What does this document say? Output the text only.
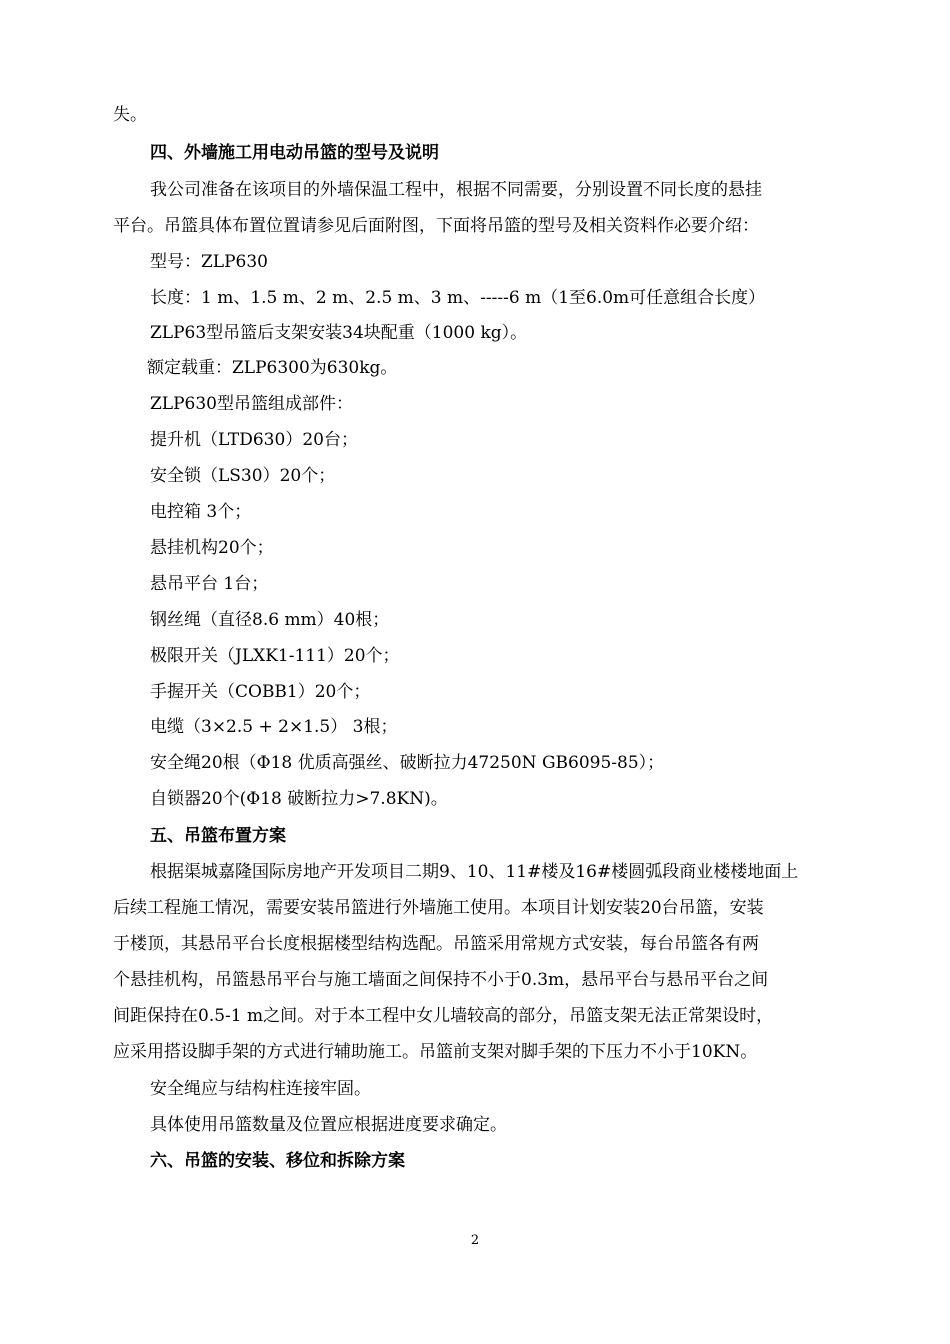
失。
四、外墙施工用电动吊篮的型号及说明
我公司准备在该项目的外墙保温工程中，根据不同需要，分别设置不同长度的悬挂
平台。吊篮具体布置位置请参见后面附图，下面将吊篮的型号及相关资料作必要介绍：
型号：ZLP630
长度：1 m、1.5 m、2 m、2.5 m、3 m、-----6 m（1至6.0m可任意组合长度）
ZLP63型吊篮后支架安装34块配重（1000 kg）。
额定载重：ZLP6300为630kg。
ZLP630型吊篮组成部件：
提升机（LTD630）20台；
安全锁（LS30）20个；
电控箱 3个；
悬挂机构20个；
悬吊平台 1台；
钢丝绳（直径8.6 mm）40根；
极限开关（JLXK1-111）20个；
手握开关（COBB1）20个；
电缆（3×2.5 + 2×1.5） 3根；
安全绳20根（Φ18 优质高强丝、破断拉力47250N GB6095-85）；
自锁器20个(Φ18 破断拉力>7.8KN)。
五、吊篮布置方案
根据渠城嘉隆国际房地产开发项目二期9、10、11#楼及16#楼圆弧段商业楼楼地面上
后续工程施工情况，需要安装吊篮进行外墙施工使用。本项目计划安装20台吊篮，安装
于楼顶，其悬吊平台长度根据楼型结构选配。吊篮采用常规方式安装，每台吊篮各有两
个悬挂机构，吊篮悬吊平台与施工墙面之间保持不小于0.3m，悬吊平台与悬吊平台之间
间距保持在0.5-1 m之间。对于本工程中女儿墙较高的部分，吊篮支架无法正常架设时，
应采用搭设脚手架的方式进行辅助施工。吊篮前支架对脚手架的下压力不小于10KN。
安全绳应与结构柱连接牢固。
具体使用吊篮数量及位置应根据进度要求确定。
六、吊篮的安装、移位和拆除方案
2
